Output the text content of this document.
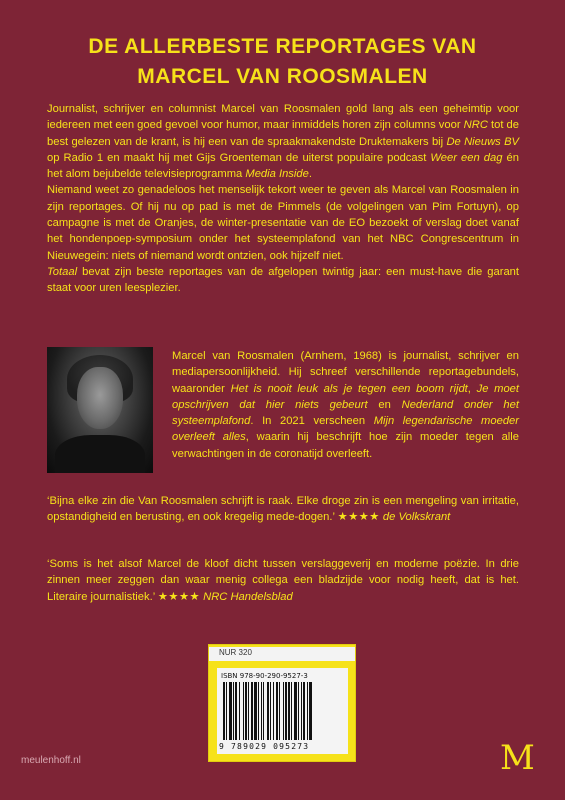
DE ALLERBESTE REPORTAGES VAN
MARCEL VAN ROOSMALEN

Journalist, schrijver en columnist Marcel van Roosmalen gold lang als een geheimtip voor iedereen met een goed gevoel voor humor, maar inmiddels horen zijn columns voor NRC tot de best gelezen van de krant, is hij een van de spraakmakendste Druktemakers bij De Nieuws BV op Radio 1 en maakt hij met Gijs Groenteman de uiterst populaire podcast Weer een dag én het alom bejubelde televisieprogramma Media Inside.

Niemand weet zo genadeloos het menselijk tekort weer te geven als Marcel van Roosmalen in zijn reportages. Of hij nu op pad is met de Pimmels (de volgelingen van Pim Fortuyn), op campagne is met de Oranjes, de winter-presentatie van de EO bezoekt of verslag doet vanaf het hondenpoep-symposium onder het systeemplafond van het NBC Congrescentrum in Nieuwegein: niets of niemand wordt ontzien, ook hijzelf niet.

Totaal bevat zijn beste reportages van de afgelopen twintig jaar: een must-have die garant staat voor uren leesplezier.

Marcel van Roosmalen (Arnhem, 1968) is journalist, schrijver en mediapersoonlijkheid. Hij schreef verschillende reportagebundels, waaronder Het is nooit leuk als je tegen een boom rijdt, Je moet opschrijven dat hier niets gebeurt en Nederland onder het systeemplafond. In 2021 verscheen Mijn legendarische moeder overleeft alles, waarin hij beschrijft hoe zijn moeder tegen alle verwachtingen in de coronatijd overleeft.
‘Bijna elke zin die Van Roosmalen schrijft is raak. Elke droge zin is een mengeling van irritatie, opstandigheid en berusting, en ook kregelig mede-dogen.’ ★★★★ de Volkskrant
‘Soms is het alsof Marcel de kloof dicht tussen verslaggeverij en moderne poëzie. In drie zinnen meer zeggen dan waar menig collega een bladzijde voor nodig heeft, dat is het. Literaire journalistiek.’ ★★★★ NRC Handelsblad
NUR 320
ISBN 978-90-290-9527-3
9 789029 095273
meulenhoff.nl	M
